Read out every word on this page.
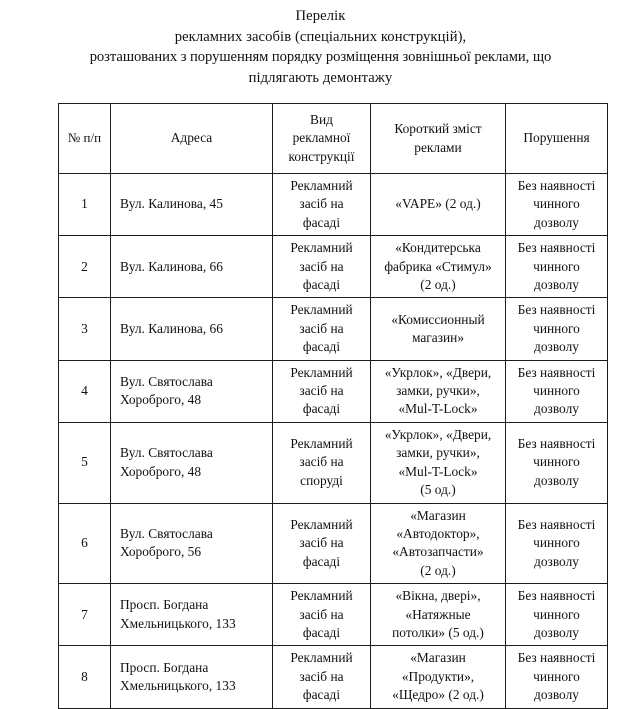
Перелік
рекламних засобів (спеціальних конструкцій),
розташованих з порушенням порядку розміщення зовнішньої реклами, що
підлягають демонтажу
№ п/п	Адреса	Вид
рекламної
конструкції	Короткий зміст
реклами	Порушення

1	Вул. Калинова, 45	Рекламний
засіб на
фасаді	«VAPE» (2 од.)	Без наявності
чинного
дозволу

2	Вул. Калинова, 66	Рекламний
засіб на
фасаді	«Кондитерська
фабрика «Стимул»
(2 од.)	Без наявності
чинного
дозволу

3	Вул. Калинова, 66	Рекламний
засіб на
фасаді	«Комиссионный
магазин»	Без наявності
чинного
дозволу

4	Вул. Святослава
Хороброго, 48	Рекламний
засіб на
фасаді	«Укрлок», «Двери,
замки, ручки»,
«Mul-T-Lock»	Без наявності
чинного
дозволу

5	Вул. Святослава
Хороброго, 48	Рекламний
засіб на
споруді	«Укрлок», «Двери,
замки, ручки»,
«Mul-T-Lock»
(5 од.)	Без наявності
чинного
дозволу

6	Вул. Святослава
Хороброго, 56	Рекламний
засіб на
фасаді	«Магазин
«Автодоктор»,
«Автозапчасти»
(2 од.)	Без наявності
чинного
дозволу

7	Просп. Богдана
Хмельницького, 133	Рекламний
засіб на
фасаді	«Вікна, двері»,
«Натяжные
потолки» (5 од.)	Без наявності
чинного
дозволу

8	Просп. Богдана
Хмельницького, 133	Рекламний
засіб на
фасаді	«Магазин
«Продукти»,
«Щедро» (2 од.)	Без наявності
чинного
дозволу
